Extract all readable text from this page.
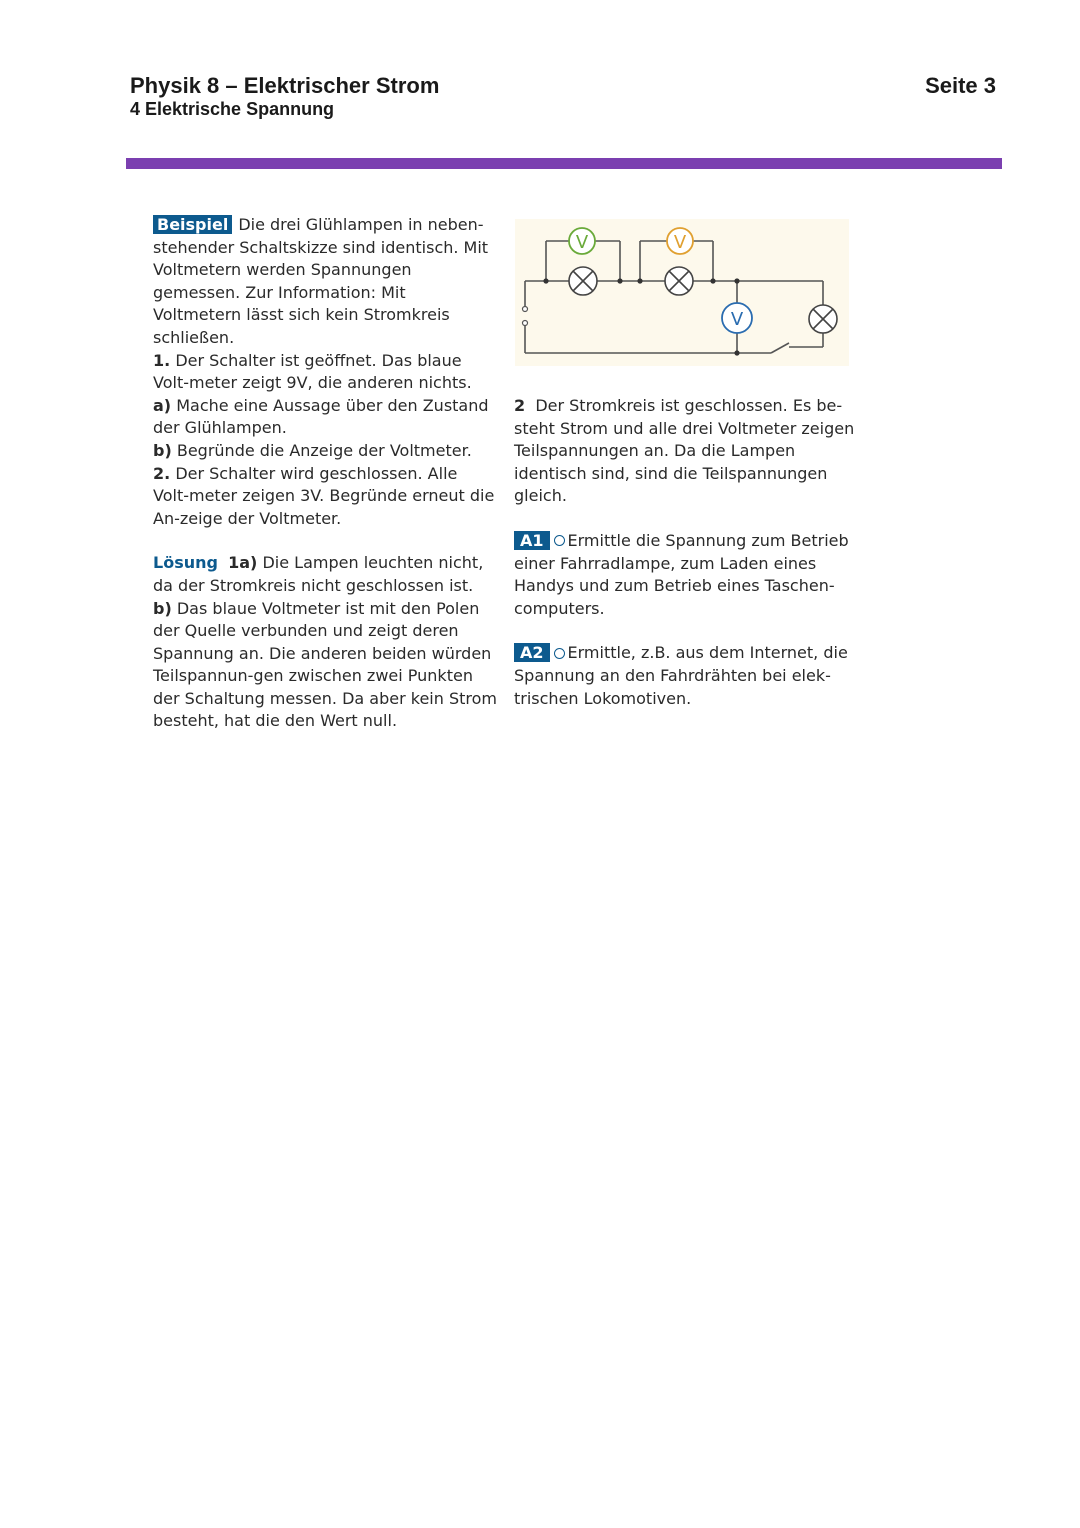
Physik 8 – Elektrischer Strom
4 Elektrische Spannung
Seite 3

Beispiel Die drei Glühlampen in neben-stehender Schaltskizze sind identisch. Mit Voltmetern werden Spannungen gemessen. Zur Information: Mit Voltmetern lässt sich kein Stromkreis schließen.

1. Der Schalter ist geöffnet. Das blaue Volt-meter zeigt 9V, die anderen nichts.

a) Mache eine Aussage über den Zustand der Glühlampen.

b) Begründe die Anzeige der Voltmeter.

2. Der Schalter wird geschlossen. Alle Volt-meter zeigen 3V. Begründe erneut die An-zeige der Voltmeter.

Lösung 1a) Die Lampen leuchten nicht, da der Stromkreis nicht geschlossen ist.

b) Das blaue Voltmeter ist mit den Polen der Quelle verbunden und zeigt deren Spannung an. Die anderen beiden würden Teilspannun-gen zwischen zwei Punkten der Schaltung messen. Da aber kein Strom besteht, hat die den Wert null.

V	V
V

2 Der Stromkreis ist geschlossen. Es be-steht Strom und alle drei Voltmeter zeigen Teilspannungen an. Da die Lampen identisch sind, sind die Teilspannungen gleich.

A1 Ermittle die Spannung zum Betrieb einer Fahrradlampe, zum Laden eines Handys und zum Betrieb eines Taschen-computers.

A2 Ermittle, z.B. aus dem Internet, die Spannung an den Fahrdrähten bei elek-trischen Lokomotiven.
